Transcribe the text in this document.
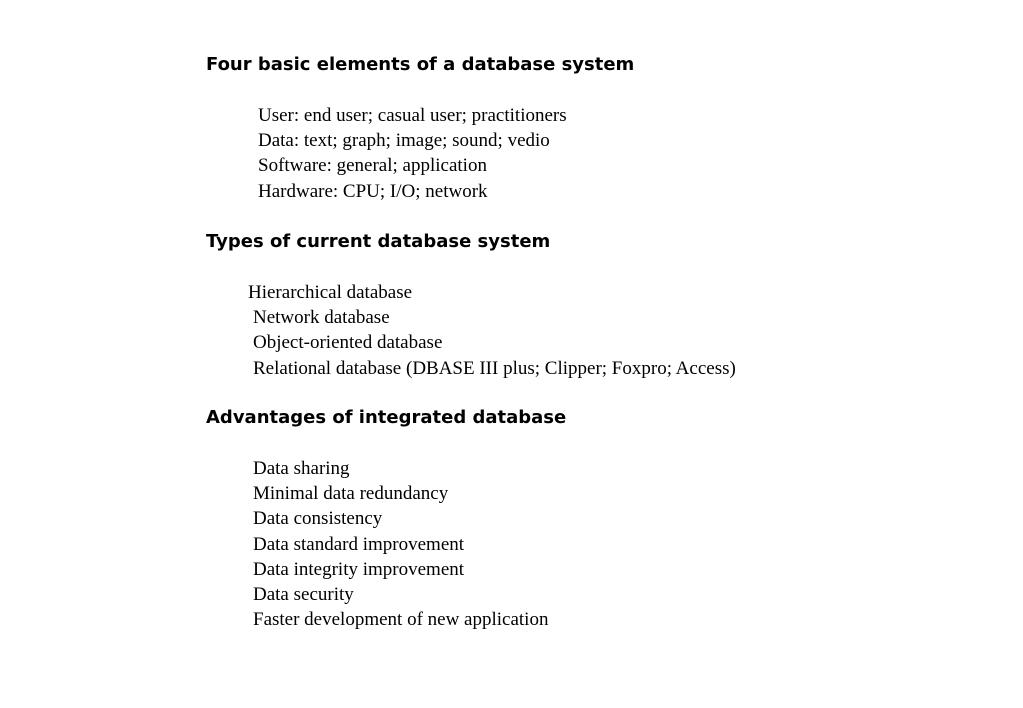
Four basic elements of a database system
User: end user; casual user; practitioners
Data: text; graph; image; sound; vedio
Software: general; application
Hardware: CPU; I/O; network
Types of current database system
Hierarchical database
Network database
Object-oriented database
Relational database (DBASE III plus; Clipper; Foxpro; Access)
Advantages of integrated database
Data sharing
Minimal data redundancy
Data consistency
Data standard improvement
Data integrity improvement
Data security
Faster development of new application
